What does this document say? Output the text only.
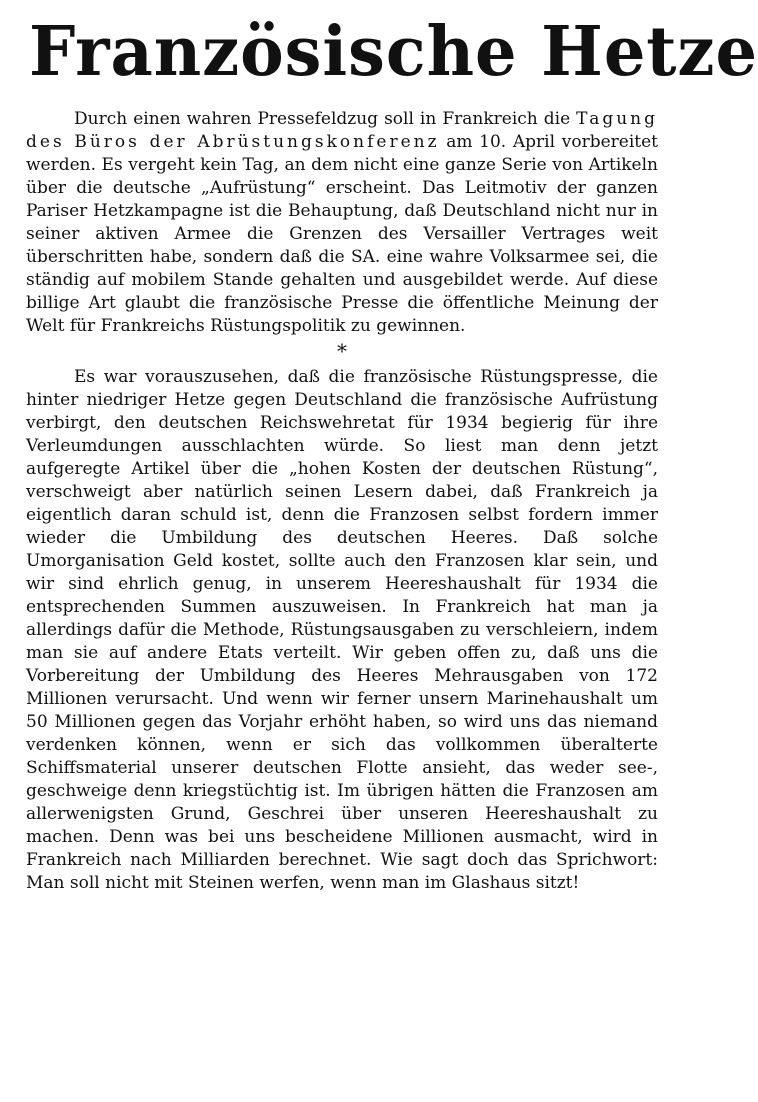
Französische Hetze

Durch einen wahren Pressefeldzug soll in Frankreich die Tagung des Büros der Abrüstungskonferenz am 10. April vorbereitet werden. Es vergeht kein Tag, an dem nicht eine ganze Serie von Artikeln über die deutsche „Aufrüstung“ erscheint. Das Leitmotiv der ganzen Pariser Hetzkampagne ist die Behauptung, daß Deutschland nicht nur in seiner aktiven Armee die Grenzen des Versailler Vertrages weit überschritten habe, sondern daß die SA. eine wahre Volksarmee sei, die ständig auf mobilem Stande gehalten und ausgebildet werde. Auf diese billige Art glaubt die französische Presse die öffentliche Meinung der Welt für Frankreichs Rüstungspolitik zu gewinnen.

*

Es war vorauszusehen, daß die französische Rüstungspresse, die hinter niedriger Hetze gegen Deutschland die französische Aufrüstung verbirgt, den deutschen Reichswehretat für 1934 begierig für ihre Verleumdungen ausschlachten würde. So liest man denn jetzt aufgeregte Artikel über die „hohen Kosten der deutschen Rüstung“, verschweigt aber natürlich seinen Lesern dabei, daß Frankreich ja eigentlich daran schuld ist, denn die Franzosen selbst fordern immer wieder die Umbildung des deutschen Heeres. Daß solche Umorganisation Geld kostet, sollte auch den Franzosen klar sein, und wir sind ehrlich genug, in unserem Heereshaushalt für 1934 die entsprechenden Summen auszuweisen. In Frankreich hat man ja allerdings dafür die Methode, Rüstungsausgaben zu verschleiern, indem man sie auf andere Etats verteilt. Wir geben offen zu, daß uns die Vorbereitung der Umbildung des Heeres Mehrausgaben von 172 Millionen verursacht. Und wenn wir ferner unsern Marinehaushalt um 50 Millionen gegen das Vorjahr erhöht haben, so wird uns das niemand verdenken können, wenn er sich das vollkommen überalterte Schiffsmaterial unserer deutschen Flotte ansieht, das weder see-, geschweige denn kriegstüchtig ist. Im übrigen hätten die Franzosen am allerwenigsten Grund, Geschrei über unseren Heereshaushalt zu machen. Denn was bei uns bescheidene Millionen ausmacht, wird in Frankreich nach Milliarden berechnet. Wie sagt doch das Sprichwort: Man soll nicht mit Steinen werfen, wenn man im Glashaus sitzt!
